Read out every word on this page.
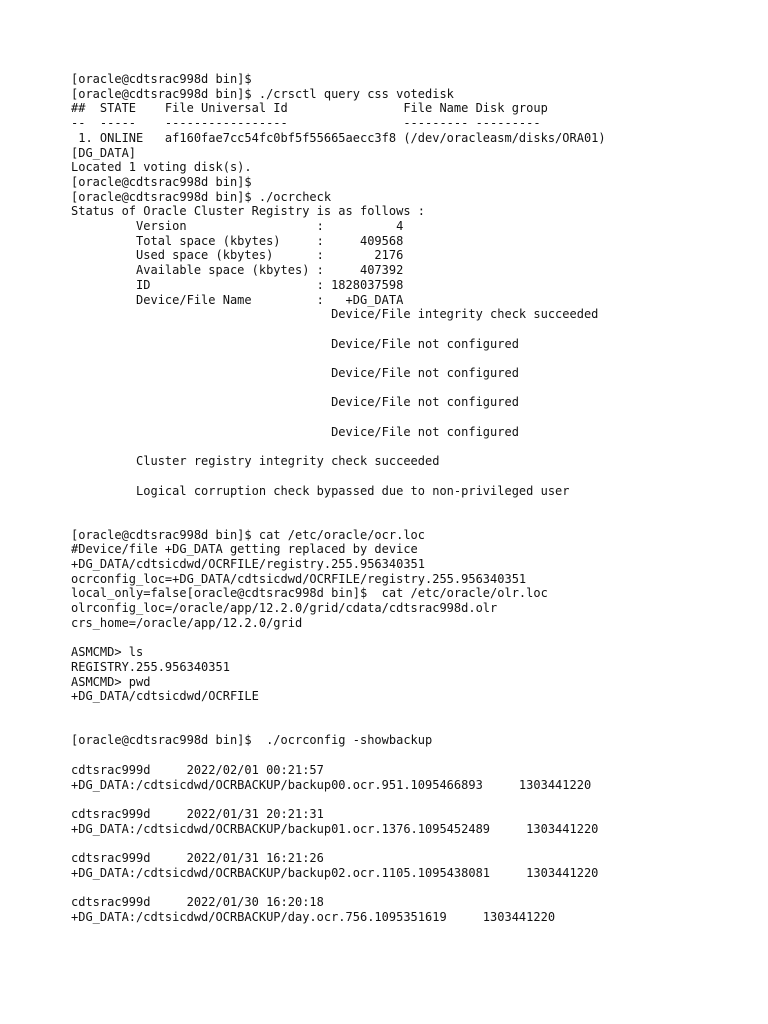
[oracle@cdtsrac998d bin]$
[oracle@cdtsrac998d bin]$ ./crsctl query css votedisk
##  STATE    File Universal Id                File Name Disk group
--  -----    -----------------                --------- ---------
1. ONLINE   af160fae7cc54fc0bf5f55665aecc3f8 (/dev/oracleasm/disks/ORA01)
[DG_DATA]
Located 1 voting disk(s).
[oracle@cdtsrac998d bin]$
[oracle@cdtsrac998d bin]$ ./ocrcheck
Status of Oracle Cluster Registry is as follows :
Version                  :          4
Total space (kbytes)     :     409568
Used space (kbytes)      :       2176
Available space (kbytes) :     407392
ID                       : 1828037598
Device/File Name         :   +DG_DATA
Device/File integrity check succeeded
Device/File not configured
Device/File not configured
Device/File not configured
Device/File not configured
Cluster registry integrity check succeeded
Logical corruption check bypassed due to non-privileged user
[oracle@cdtsrac998d bin]$ cat /etc/oracle/ocr.loc
#Device/file +DG_DATA getting replaced by device
+DG_DATA/cdtsicdwd/OCRFILE/registry.255.956340351
ocrconfig_loc=+DG_DATA/cdtsicdwd/OCRFILE/registry.255.956340351
local_only=false[oracle@cdtsrac998d bin]$  cat /etc/oracle/olr.loc
olrconfig_loc=/oracle/app/12.2.0/grid/cdata/cdtsrac998d.olr
crs_home=/oracle/app/12.2.0/grid
ASMCMD> ls
REGISTRY.255.956340351
ASMCMD> pwd
+DG_DATA/cdtsicdwd/OCRFILE
[oracle@cdtsrac998d bin]$  ./ocrconfig -showbackup
cdtsrac999d     2022/02/01 00:21:57
+DG_DATA:/cdtsicdwd/OCRBACKUP/backup00.ocr.951.1095466893     1303441220
cdtsrac999d     2022/01/31 20:21:31
+DG_DATA:/cdtsicdwd/OCRBACKUP/backup01.ocr.1376.1095452489     1303441220
cdtsrac999d     2022/01/31 16:21:26
+DG_DATA:/cdtsicdwd/OCRBACKUP/backup02.ocr.1105.1095438081     1303441220
cdtsrac999d     2022/01/30 16:20:18
+DG_DATA:/cdtsicdwd/OCRBACKUP/day.ocr.756.1095351619     1303441220
